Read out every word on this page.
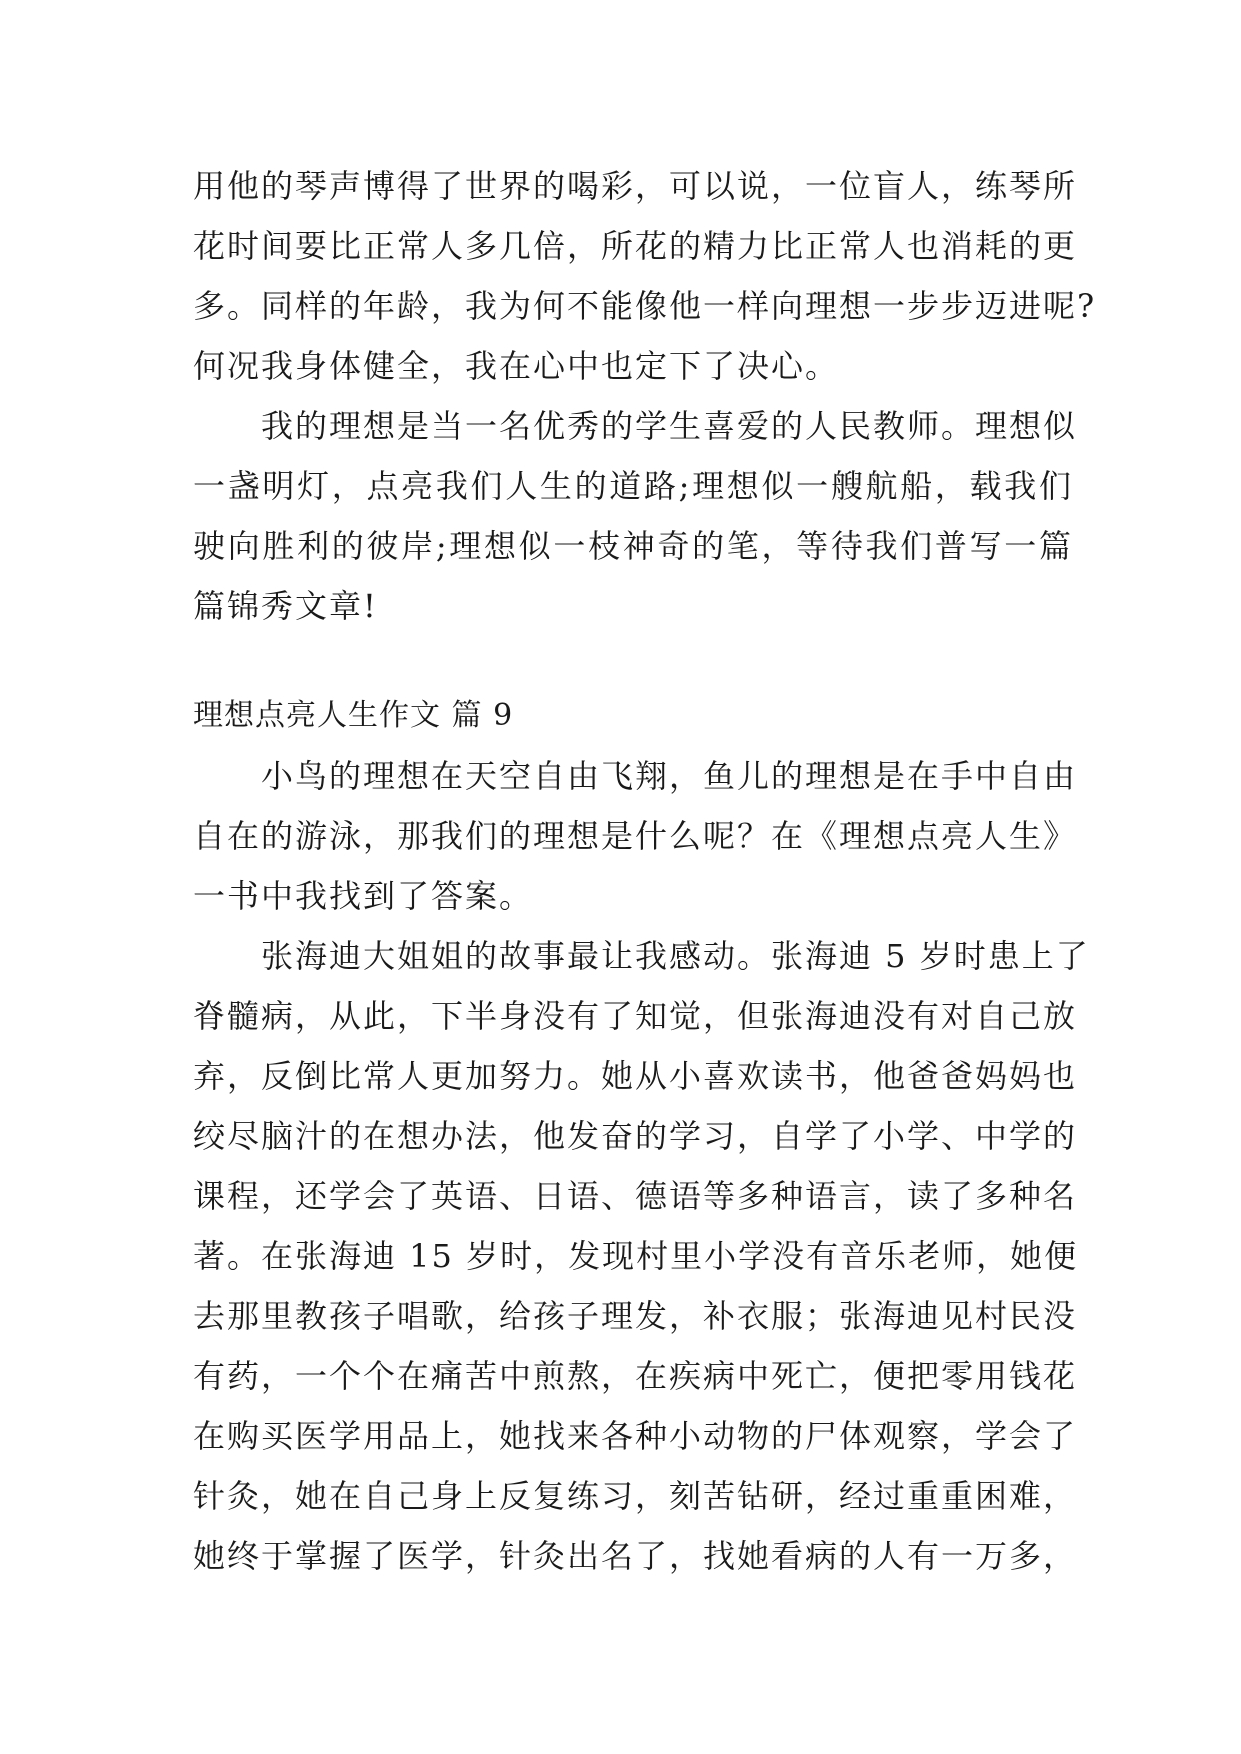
用他的琴声博得了世界的喝彩，可以说，一位盲人，练琴所
花时间要比正常人多几倍，所花的精力比正常人也消耗的更
多。同样的年龄，我为何不能像他一样向理想一步步迈进呢?
何况我身体健全，我在心中也定下了决心。
　　我的理想是当一名优秀的学生喜爱的人民教师。理想似
一盏明灯，点亮我们人生的道路;理想似一艘航船，载我们
驶向胜利的彼岸;理想似一枝神奇的笔，等待我们普写一篇
篇锦秀文章!
理想点亮人生作文 篇 9
　　小鸟的理想在天空自由飞翔，鱼儿的理想是在手中自由
自在的游泳，那我们的理想是什么呢？在《理想点亮人生》
一书中我找到了答案。
　　张海迪大姐姐的故事最让我感动。张海迪 5 岁时患上了
脊髓病，从此，下半身没有了知觉，但张海迪没有对自己放
弃，反倒比常人更加努力。她从小喜欢读书，他爸爸妈妈也
绞尽脑汁的在想办法，他发奋的学习，自学了小学、中学的
课程，还学会了英语、日语、德语等多种语言，读了多种名
著。在张海迪 15 岁时，发现村里小学没有音乐老师，她便
去那里教孩子唱歌，给孩子理发，补衣服；张海迪见村民没
有药，一个个在痛苦中煎熬，在疾病中死亡，便把零用钱花
在购买医学用品上，她找来各种小动物的尸体观察，学会了
针灸，她在自己身上反复练习，刻苦钻研，经过重重困难，
她终于掌握了医学，针灸出名了，找她看病的人有一万多，
